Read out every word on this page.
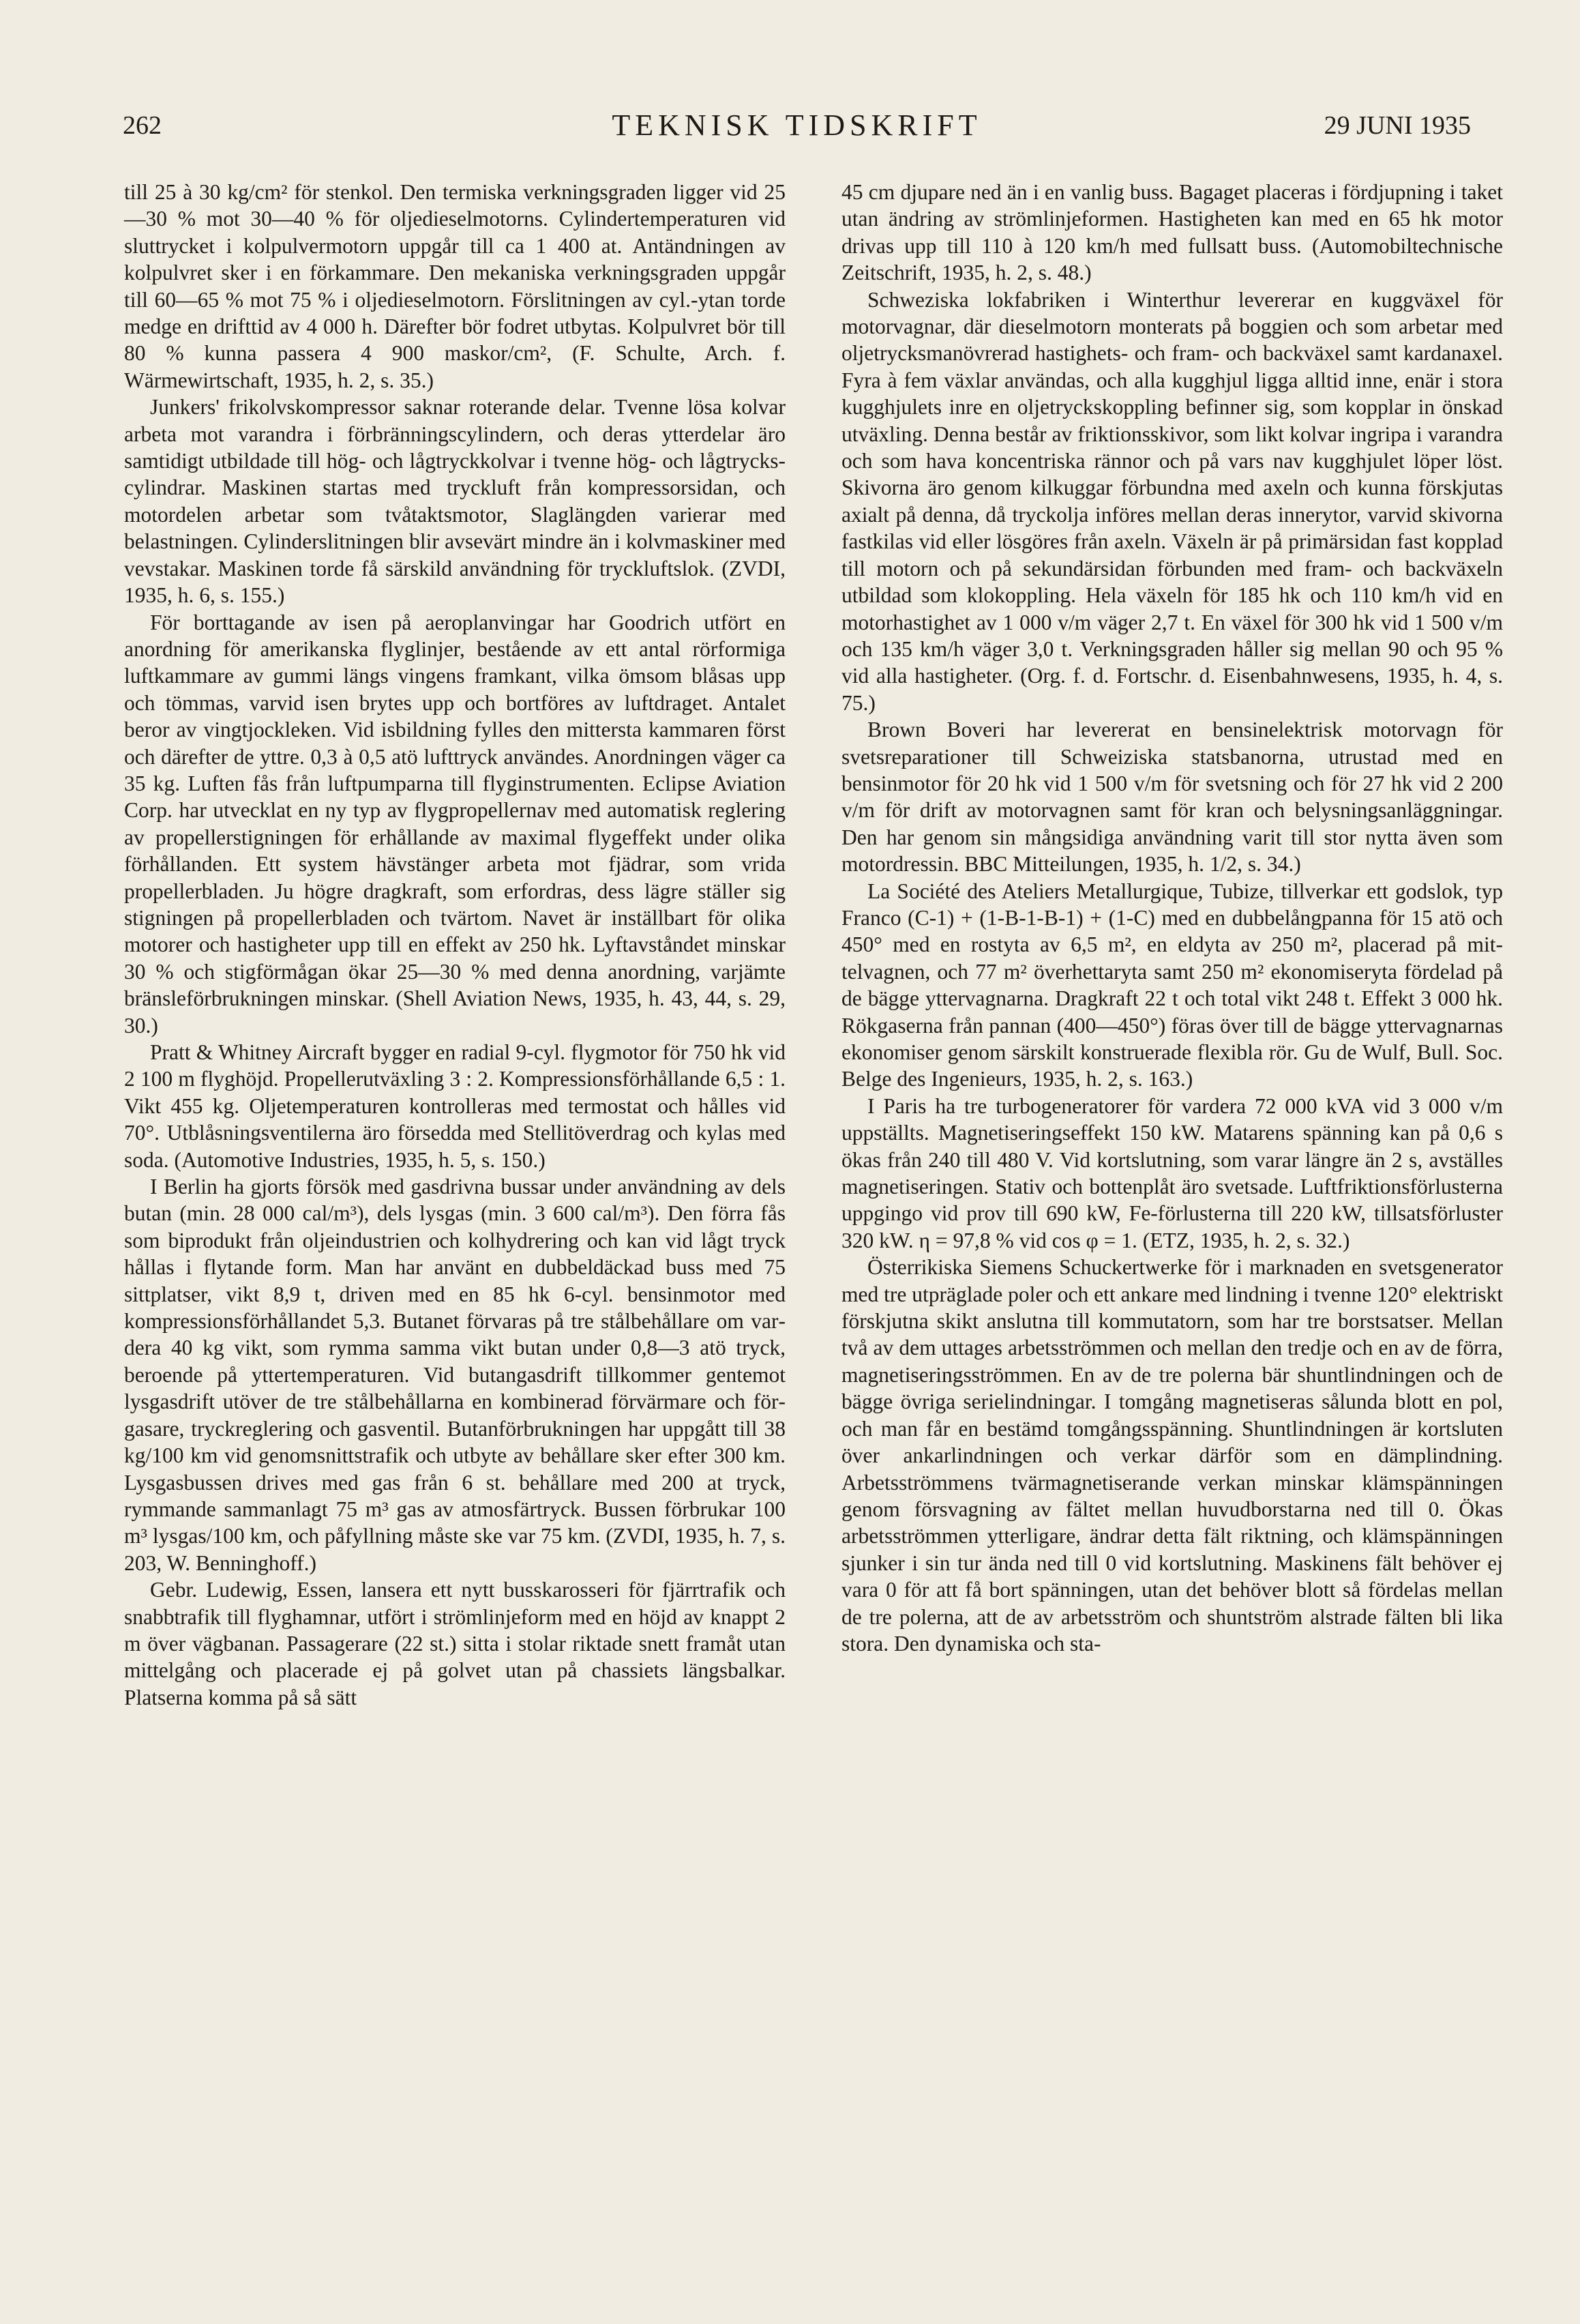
262	TEKNISK TIDSKRIFT	29 JUNI 1935

till 25 à 30 kg/cm² för stenkol. Den termiska verkningsgraden ligger vid 25—30 % mot 30—40 % för oljedieselmotorns. Cylindertemperaturen vid sluttrycket i kolpulvermotorn uppgår till ca 1 400 at. Antändningen av kolpulvret sker i en förkammare. Den mekaniska verkningsgraden uppgår till 60—65 % mot 75 % i oljedieselmotorn. Förslitningen av cyl.-ytan torde medge en drifttid av 4 000 h. Därefter bör fodret utbytas. Kolpulvret bör till 80 % kunna passera 4 900 maskor/cm², (F. Schulte, Arch. f. Wärmewirtschaft, 1935, h. 2, s. 35.)

Junkers' frikolvskompressor saknar roterande delar. Tvenne lösa kolvar arbeta mot varandra i förbränningscylindern, och deras ytterdelar äro samtidigt utbildade till hög- och lågtryckkolvar i tvenne hög- och lågtryckscylindrar. Maskinen startas med tryckluft från kompressorsidan, och motordelen arbetar som tvåtaktsmotor, Slaglängden varierar med belastningen. Cylinderslitningen blir avsevärt mindre än i kolvmaskiner med vevstakar. Maskinen torde få särskild användning för tryckluftslok. (ZVDI, 1935, h. 6, s. 155.)

För borttagande av isen på aeroplanvingar har Goodrich utfört en anordning för amerikanska flyglinjer, bestående av ett antal rörformiga luftkammare av gummi längs vingens framkant, vilka ömsom blåsas upp och tömmas, varvid isen brytes upp och bortföres av luftdraget. Antalet beror av vingtjockleken. Vid isbildning fylles den mittersta kammaren först och därefter de yttre. 0,3 à 0,5 atö lufttryck användes. Anordningen väger ca 35 kg. Luften fås från luftpumparna till flyginstrumenten. Eclipse Aviation Corp. har utvecklat en ny typ av flygpropellernav med automatisk reglering av propellerstigningen för erhållande av maximal flygeffekt under olika förhållanden. Ett system hävstänger arbeta mot fjädrar, som vrida propellerbladen. Ju högre dragkraft, som erfordras, dess lägre ställer sig stigningen på propellerbladen och tvärtom. Navet är inställbart för olika motorer och hastigheter upp till en effekt av 250 hk. Lyftavståndet minskar 30 % och stigförmågan ökar 25—30 % med denna anordning, varjämte bränsleförbrukningen minskar. (Shell Aviation News, 1935, h. 43, 44, s. 29, 30.)

Pratt & Whitney Aircraft bygger en radial 9-cyl. flygmotor för 750 hk vid 2 100 m flyghöjd. Propellerutväxling 3 : 2. Kompressionsförhållande 6,5 : 1. Vikt 455 kg. Oljetemperaturen kontrolleras med termostat och hålles vid 70°. Utblåsningsventilerna äro försedda med Stellitöverdrag och kylas med soda. (Automotive Industries, 1935, h. 5, s. 150.)

I Berlin ha gjorts försök med gasdrivna bussar under användning av dels butan (min. 28 000 cal/m³), dels lysgas (min. 3 600 cal/m³). Den förra fås som biprodukt från oljeindustrien och kolhydrering och kan vid lågt tryck hållas i flytande form. Man har använt en dubbeldäckad buss med 75 sittplatser, vikt 8,9 t, driven med en 85 hk 6-cyl. bensinmotor med kompressionsförhållandet 5,3. Butanet förvaras på tre stålbehållare om vardera 40 kg vikt, som rymma samma vikt butan under 0,8—3 atö tryck, beroende på yttertemperaturen. Vid butangasdrift tillkommer gentemot lysgasdrift utöver de tre stålbehållarna en kombinerad förvärmare och förgasare, tryckreglering och gasventil. Butanförbrukningen har uppgått till 38 kg/100 km vid genomsnittstrafik och utbyte av behållare sker efter 300 km. Lysgasbussen drives med gas från 6 st. behållare med 200 at tryck, rymmande sammanlagt 75 m³ gas av atmosfärtryck. Bussen förbrukar 100 m³ lysgas/100 km, och påfyllning måste ske var 75 km. (ZVDI, 1935, h. 7, s. 203, W. Benninghoff.)

Gebr. Ludewig, Essen, lansera ett nytt busskarosseri för fjärrtrafik och snabbtrafik till flyghamnar, utfört i strömlinjeform med en höjd av knappt 2 m över vägbanan. Passagerare (22 st.) sitta i stolar riktade snett framåt utan mittelgång och placerade ej på golvet utan på chassiets längsbalkar. Platserna komma på så sätt

45 cm djupare ned än i en vanlig buss. Bagaget placeras i fördjupning i taket utan ändring av strömlinjeformen. Hastigheten kan med en 65 hk motor drivas upp till 110 à 120 km/h med fullsatt buss. (Automobiltechnische Zeitschrift, 1935, h. 2, s. 48.)

Schweziska lokfabriken i Winterthur levererar en kuggväxel för motorvagnar, där dieselmotorn monterats på boggien och som arbetar med oljetrycksmanövrerad hastighets- och fram- och backväxel samt kardanaxel. Fyra à fem växlar användas, och alla kugghjul ligga alltid inne, enär i stora kugghjulets inre en oljetryckskoppling befinner sig, som kopplar in önskad utväxling. Denna består av friktionsskivor, som likt kolvar ingripa i varandra och som hava koncentriska rännor och på vars nav kugghjulet löper löst. Skivorna äro genom kilkuggar förbundna med axeln och kunna förskjutas axialt på denna, då tryckolja införes mellan deras innerytor, varvid skivorna fastkilas vid eller lösgöres från axeln. Växeln är på primärsidan fast kopplad till motorn och på sekundärsidan förbunden med fram- och backväxeln utbildad som klokoppling. Hela växeln för 185 hk och 110 km/h vid en motorhastighet av 1 000 v/m väger 2,7 t. En växel för 300 hk vid 1 500 v/m och 135 km/h väger 3,0 t. Verkningsgraden håller sig mellan 90 och 95 % vid alla hastigheter. (Org. f. d. Fortschr. d. Eisenbahnwesens, 1935, h. 4, s. 75.)

Brown Boveri har levererat en bensinelektrisk motorvagn för svetsreparationer till Schweiziska statsbanorna, utrustad med en bensinmotor för 20 hk vid 1 500 v/m för svetsning och för 27 hk vid 2 200 v/m för drift av motorvagnen samt för kran och belysningsanläggningar. Den har genom sin mångsidiga användning varit till stor nytta även som motordressin. BBC Mitteilungen, 1935, h. 1/2, s. 34.)

La Société des Ateliers Metallurgique, Tubize, tillverkar ett godslok, typ Franco (C-1) + (1-B-1-B-1) + (1-C) med en dubbelångpanna för 15 atö och 450° med en rostyta av 6,5 m², en eldyta av 250 m², placerad på mittelvagnen, och 77 m² överhettaryta samt 250 m² ekonomiseryta fördelad på de bägge yttervagnarna. Dragkraft 22 t och total vikt 248 t. Effekt 3 000 hk. Rökgaserna från pannan (400—450°) föras över till de bägge yttervagnarnas ekonomiser genom särskilt konstruerade flexibla rör. Gu de Wulf, Bull. Soc. Belge des Ingenieurs, 1935, h. 2, s. 163.)

I Paris ha tre turbogeneratorer för vardera 72 000 kVA vid 3 000 v/m uppställts. Magnetiseringseffekt 150 kW. Matarens spänning kan på 0,6 s ökas från 240 till 480 V. Vid kortslutning, som varar längre än 2 s, avställes magnetiseringen. Stativ och bottenplåt äro svetsade. Luftfriktionsförlusterna uppgingo vid prov till 690 kW, Fe-förlusterna till 220 kW, tillsatsförluster 320 kW. η = 97,8 % vid cos φ = 1. (ETZ, 1935, h. 2, s. 32.)

Österrikiska Siemens Schuckertwerke för i marknaden en svetsgenerator med tre utpräglade poler och ett ankare med lindning i tvenne 120° elektriskt förskjutna skikt anslutna till kommutatorn, som har tre borstsatser. Mellan två av dem uttages arbetsströmmen och mellan den tredje och en av de förra, magnetiseringsströmmen. En av de tre polerna bär shuntlindningen och de bägge övriga serielindningar. I tomgång magnetiseras sålunda blott en pol, och man får en bestämd tomgångsspänning. Shuntlindningen är kortsluten över ankarlindningen och verkar därför som en dämplindning. Arbetsströmmens tvärmagnetiserande verkan minskar klämspänningen genom försvagning av fältet mellan huvudborstarna ned till 0. Ökas arbetsströmmen ytterligare, ändrar detta fält riktning, och klämspänningen sjunker i sin tur ända ned till 0 vid kortslutning. Maskinens fält behöver ej vara 0 för att få bort spänningen, utan det behöver blott så fördelas mellan de tre polerna, att de av arbetsström och shuntström alstrade fälten bli lika stora. Den dynamiska och sta-
